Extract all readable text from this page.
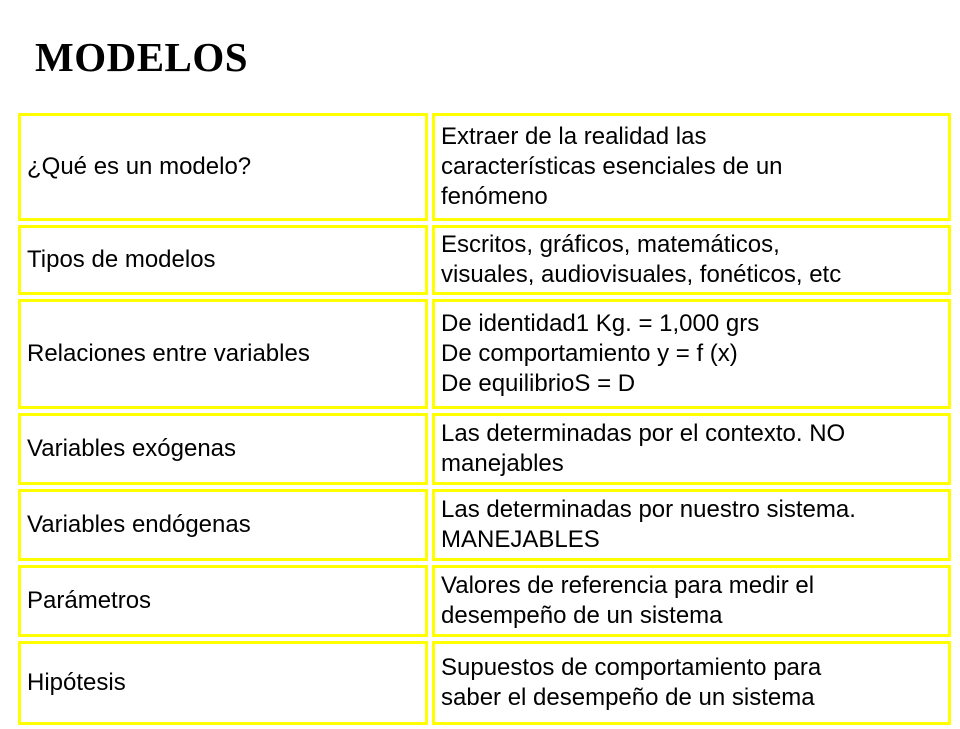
MODELOS
¿Qué es un modelo?	Extraer de la realidad las
características esenciales de un
fenómeno
Tipos de modelos	Escritos, gráficos, matemáticos,
visuales, audiovisuales, fonéticos, etc
Relaciones entre variables	De identidad1 Kg. = 1,000 grs
De comportamiento y = f (x)
De equilibrioS = D
Variables exógenas	Las determinadas por el contexto. NO
manejables
Variables endógenas	Las determinadas por nuestro sistema.
MANEJABLES
Parámetros	Valores de referencia para medir el
desempeño de un sistema
Hipótesis	Supuestos de comportamiento para
saber el desempeño de un sistema
